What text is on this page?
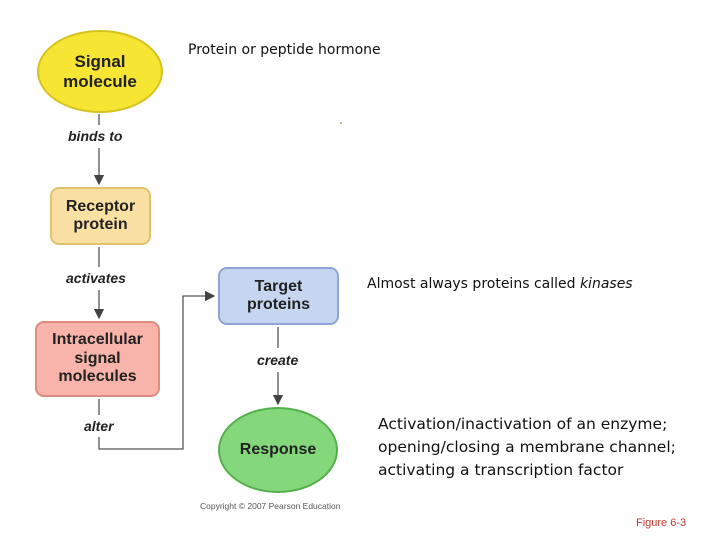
Signal
molecule
Receptor
protein
Intracellular
signal
molecules
Target
proteins
Response
binds to
activates
alter
create
Protein or peptide hormone
Almost always proteins called kinases
Activation/inactivation of an enzyme; opening/closing a membrane channel; activating a transcription factor
Copyright © 2007 Pearson Education
Figure 6-3
